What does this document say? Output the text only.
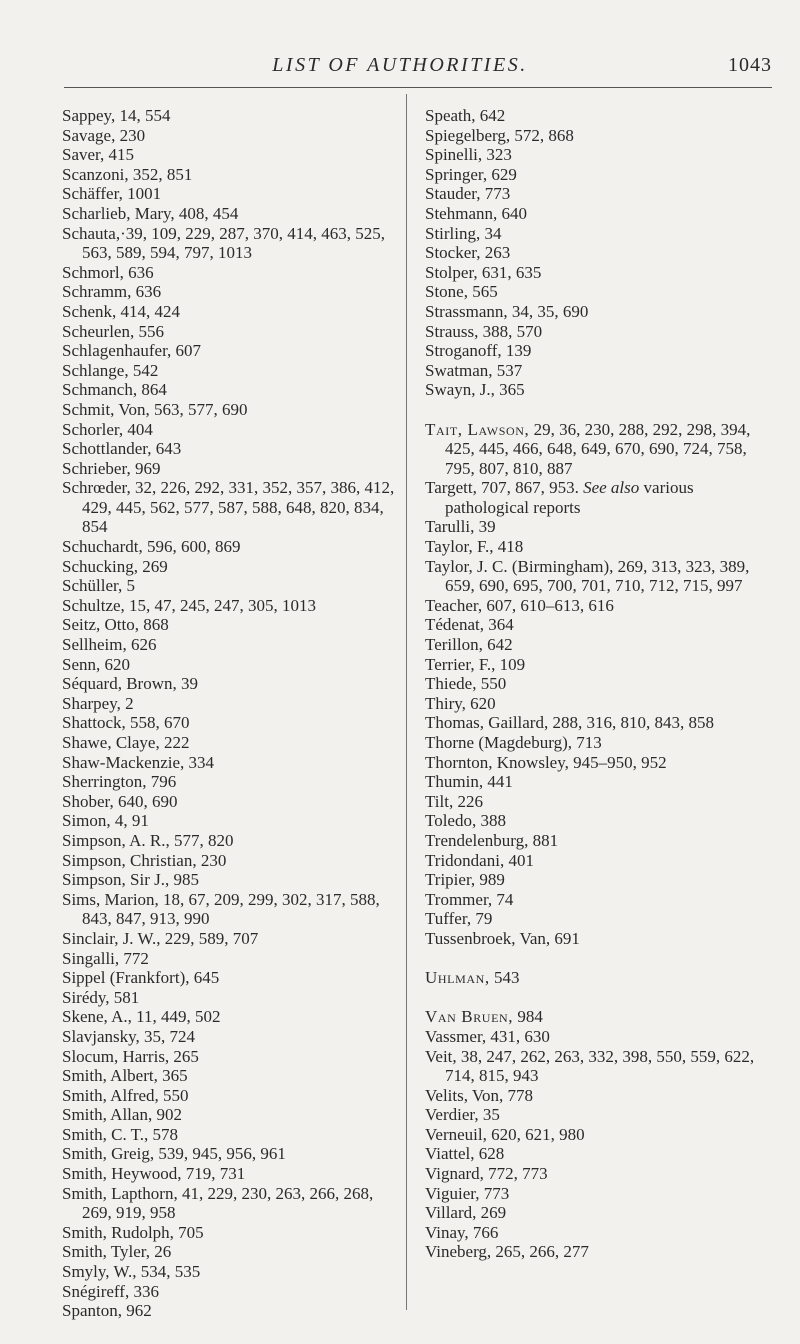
LIST OF AUTHORITIES.	1043

Sappey, 14, 554

Savage, 230

Saver, 415

Scanzoni, 352, 851

Schäffer, 1001

Scharlieb, Mary, 408, 454

Schauta,·39, 109, 229, 287, 370, 414, 463, 525, 563, 589, 594, 797, 1013

Schmorl, 636

Schramm, 636

Schenk, 414, 424

Scheurlen, 556

Schlagenhaufer, 607

Schlange, 542

Schmanch, 864

Schmit, Von, 563, 577, 690

Schorler, 404

Schottlander, 643

Schrieber, 969

Schrœder, 32, 226, 292, 331, 352, 357, 386, 412, 429, 445, 562, 577, 587, 588, 648, 820, 834, 854

Schuchardt, 596, 600, 869

Schucking, 269

Schüller, 5

Schultze, 15, 47, 245, 247, 305, 1013

Seitz, Otto, 868

Sellheim, 626

Senn, 620

Séquard, Brown, 39

Sharpey, 2

Shattock, 558, 670

Shawe, Claye, 222

Shaw-Mackenzie, 334

Sherrington, 796

Shober, 640, 690

Simon, 4, 91

Simpson, A. R., 577, 820

Simpson, Christian, 230

Simpson, Sir J., 985

Sims, Marion, 18, 67, 209, 299, 302, 317, 588, 843, 847, 913, 990

Sinclair, J. W., 229, 589, 707

Singalli, 772

Sippel (Frankfort), 645

Sirédy, 581

Skene, A., 11, 449, 502

Slavjansky, 35, 724

Slocum, Harris, 265

Smith, Albert, 365

Smith, Alfred, 550

Smith, Allan, 902

Smith, C. T., 578

Smith, Greig, 539, 945, 956, 961

Smith, Heywood, 719, 731

Smith, Lapthorn, 41, 229, 230, 263, 266, 268, 269, 919, 958

Smith, Rudolph, 705

Smith, Tyler, 26

Smyly, W., 534, 535

Snégireff, 336

Spanton, 962

Speath, 642

Spiegelberg, 572, 868

Spinelli, 323

Springer, 629

Stauder, 773

Stehmann, 640

Stirling, 34

Stocker, 263

Stolper, 631, 635

Stone, 565

Strassmann, 34, 35, 690

Strauss, 388, 570

Stroganoff, 139

Swatman, 537

Swayn, J., 365

Tait, Lawson, 29, 36, 230, 288, 292, 298, 394, 425, 445, 466, 648, 649, 670, 690, 724, 758, 795, 807, 810, 887

Targett, 707, 867, 953. See also various pathological reports

Tarulli, 39

Taylor, F., 418

Taylor, J. C. (Birmingham), 269, 313, 323, 389, 659, 690, 695, 700, 701, 710, 712, 715, 997

Teacher, 607, 610–613, 616

Tédenat, 364

Terillon, 642

Terrier, F., 109

Thiede, 550

Thiry, 620

Thomas, Gaillard, 288, 316, 810, 843, 858

Thorne (Magdeburg), 713

Thornton, Knowsley, 945–950, 952

Thumin, 441

Tilt, 226

Toledo, 388

Trendelenburg, 881

Tridondani, 401

Tripier, 989

Trommer, 74

Tuffer, 79

Tussenbroek, Van, 691

Uhlman, 543

Van Bruen, 984

Vassmer, 431, 630

Veit, 38, 247, 262, 263, 332, 398, 550, 559, 622, 714, 815, 943

Velits, Von, 778

Verdier, 35

Verneuil, 620, 621, 980

Viattel, 628

Vignard, 772, 773

Viguier, 773

Villard, 269

Vinay, 766

Vineberg, 265, 266, 277
